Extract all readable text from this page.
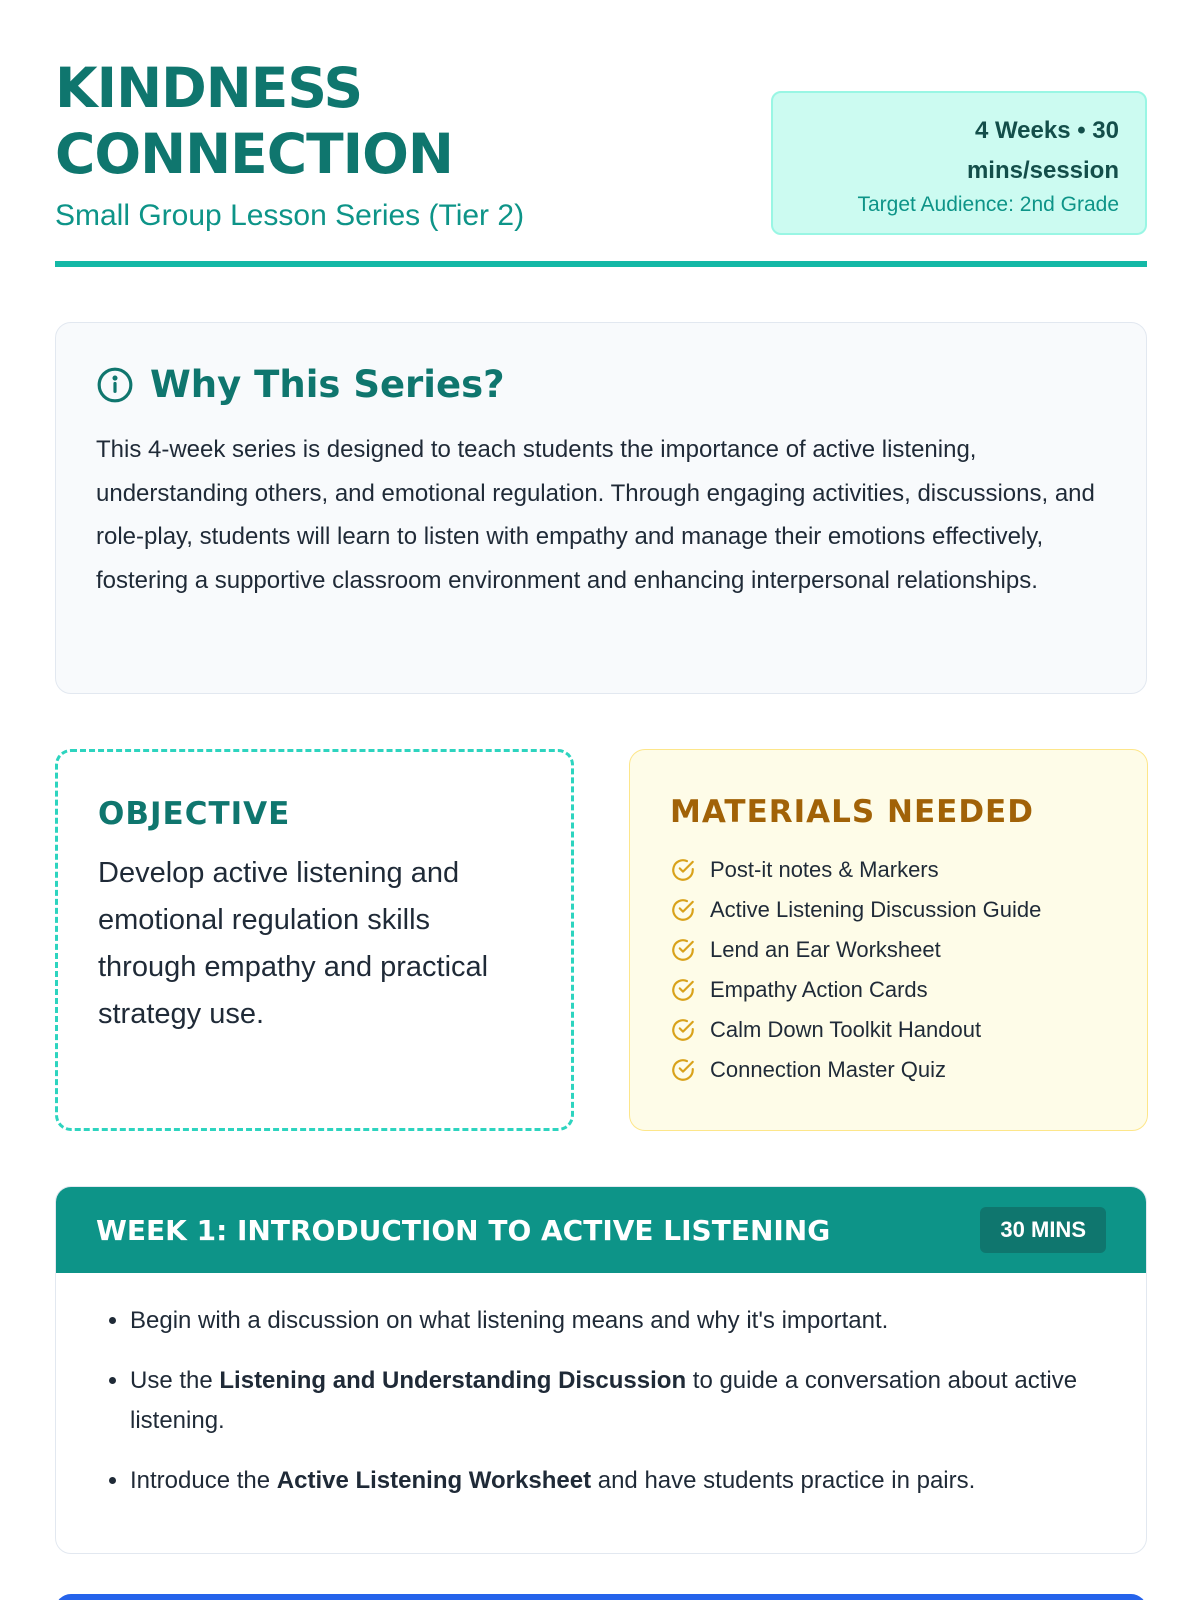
KINDNESS
CONNECTION
Small Group Lesson Series (Tier 2)
4 Weeks • 30
mins/session
Target Audience: 2nd Grade
Why This Series?

This 4-week series is designed to teach students the importance of active listening, understanding others, and emotional regulation. Through engaging activities, discussions, and role-play, students will learn to listen with empathy and manage their emotions effectively, fostering a supportive classroom environment and enhancing interpersonal relationships.

OBJECTIVE

Develop active listening and emotional regulation skills through empathy and practical strategy use.

MATERIALS NEEDED
Post-it notes & Markers
Active Listening Discussion Guide
Lend an Ear Worksheet
Empathy Action Cards
Calm Down Toolkit Handout
Connection Master Quiz
WEEK 1: INTRODUCTION TO ACTIVE LISTENING	30 MINS
• Begin with a discussion on what listening means and why it's important.
• Use the Listening and Understanding Discussion to guide a conversation about active listening.
• Introduce the Active Listening Worksheet and have students practice in pairs.
